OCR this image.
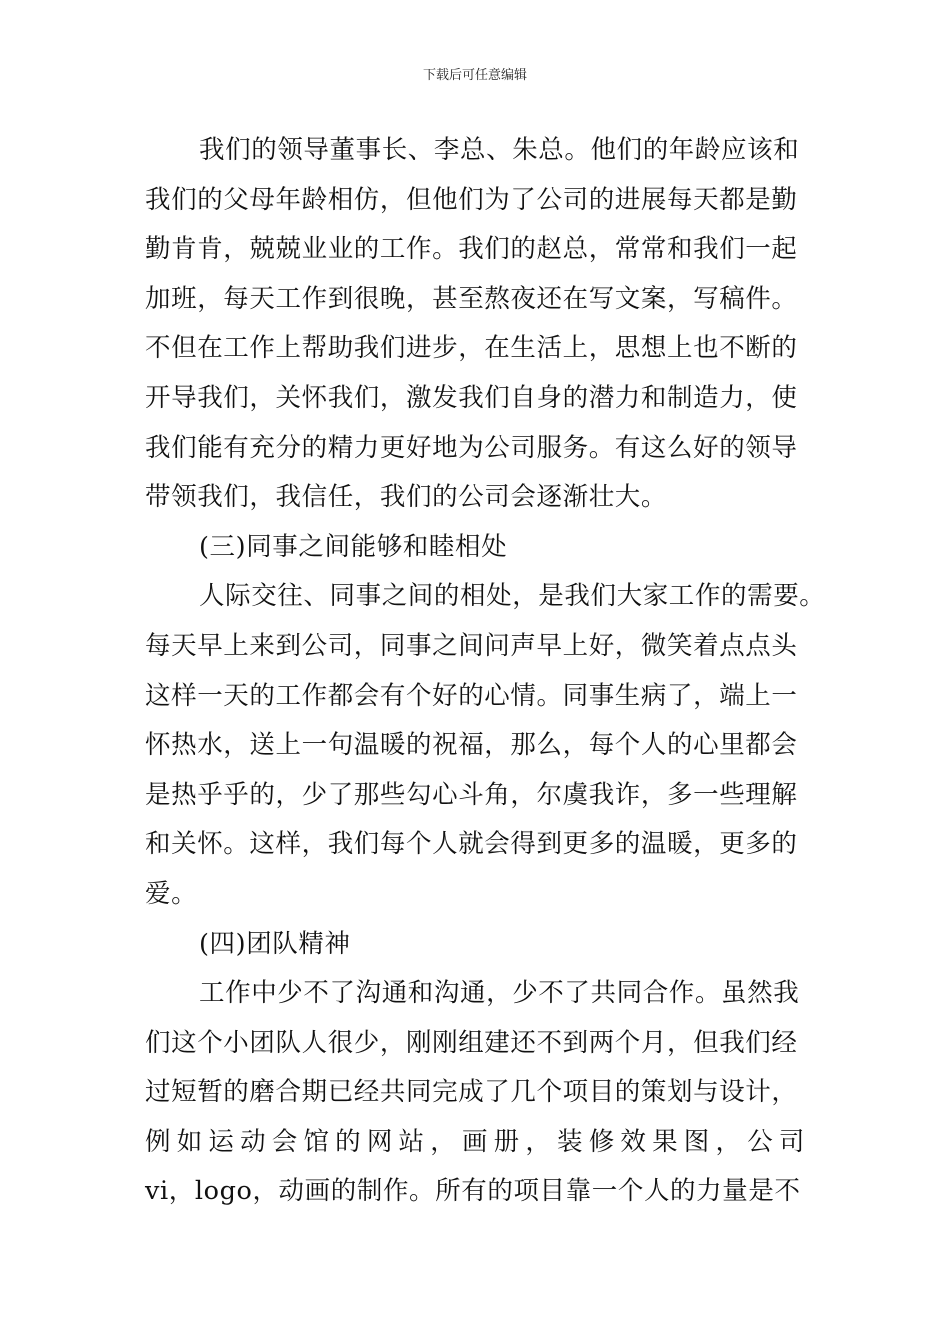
下载后可任意编辑
我们的领导董事长、李总、朱总。他们的年龄应该和
我们的父母年龄相仿，但他们为了公司的进展每天都是勤
勤肯肯，兢兢业业的工作。我们的赵总，常常和我们一起
加班，每天工作到很晚，甚至熬夜还在写文案，写稿件。
不但在工作上帮助我们进步，在生活上，思想上也不断的
开导我们，关怀我们，激发我们自身的潜力和制造力，使
我们能有充分的精力更好地为公司服务。有这么好的领导
带领我们，我信任，我们的公司会逐渐壮大。
(三)同事之间能够和睦相处
人际交往、同事之间的相处，是我们大家工作的需要。
每天早上来到公司，同事之间问声早上好，微笑着点点头
这样一天的工作都会有个好的心情。同事生病了，端上一
怀热水，送上一句温暖的祝福，那么，每个人的心里都会
是热乎乎的，少了那些勾心斗角，尔虞我诈，多一些理解
和关怀。这样，我们每个人就会得到更多的温暖，更多的
爱。
(四)团队精神
工作中少不了沟通和沟通，少不了共同合作。虽然我
们这个小团队人很少，刚刚组建还不到两个月，但我们经
过短暂的磨合期已经共同完成了几个项目的策划与设计，
例如运动会馆的网站，画册，装修效果图，公司
vi，logo，动画的制作。所有的项目靠一个人的力量是不
